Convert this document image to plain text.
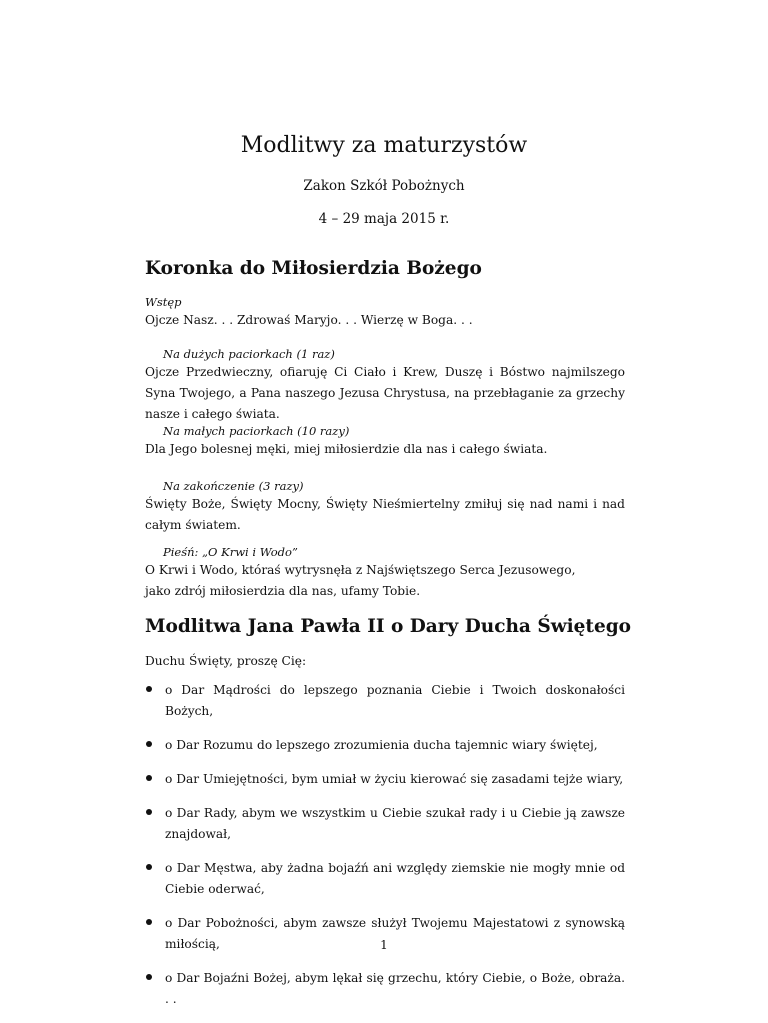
Modlitwy za maturzystów
Zakon Szkół Pobożnych
4 – 29 maja 2015 r.
Koronka do Miłosierdzia Bożego

Wstęp

Ojcze Nasz. . . Zdrowaś Maryjo. . . Wierzę w Boga. . .

Na dużych paciorkach (1 raz)

Ojcze Przedwieczny, ofiaruję Ci Ciało i Krew, Duszę i Bóstwo najmilszego Syna Twojego, a Pana naszego Jezusa Chrystusa, na przebłaganie za grzechy nasze i całego świata.

Na małych paciorkach (10 razy)

Dla Jego bolesnej męki, miej miłosierdzie dla nas i całego świata.

Na zakończenie (3 razy)

Święty Boże, Święty Mocny, Święty Nieśmiertelny zmiłuj się nad nami i nad całym światem.

Pieśń: „O Krwi i Wodo”

O Krwi i Wodo, któraś wytrysnęła z Najświętszego Serca Jezusowego,

jako zdrój miłosierdzia dla nas, ufamy Tobie.

Modlitwa Jana Pawła II o Dary Ducha Świętego

Duchu Święty, proszę Cię:

o Dar Mądrości do lepszego poznania Ciebie i Twoich doskonałości Bożych,
o Dar Rozumu do lepszego zrozumienia ducha tajemnic wiary świętej,
o Dar Umiejętności, bym umiał w życiu kierować się zasadami tejże wiary,
o Dar Rady, abym we wszystkim u Ciebie szukał rady i u Ciebie ją zawsze znajdował,
o Dar Męstwa, aby żadna bojaźń ani względy ziemskie nie mogły mnie od Ciebie oderwać,
o Dar Pobożności, abym zawsze służył Twojemu Majestatowi z synowską miłością,
o Dar Bojaźni Bożej, abym lękał się grzechu, który Ciebie, o Boże, obraża. . .
1
